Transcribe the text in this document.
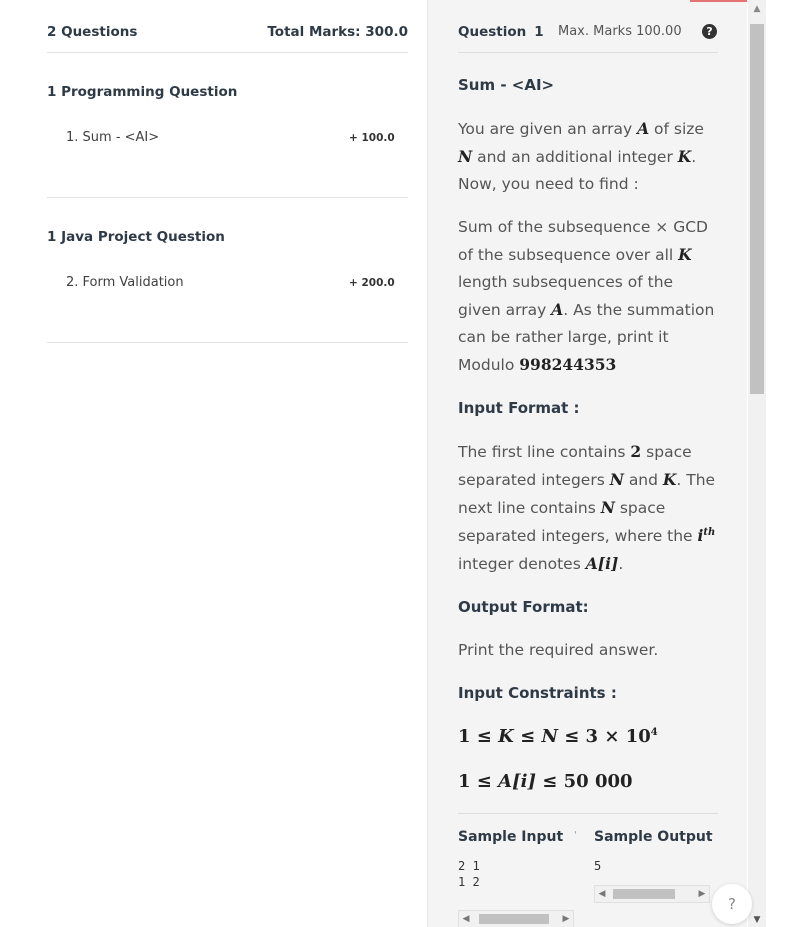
2 Questions	Total Marks: 300.0
1 Programming Question
1. Sum - <AI>	+ 100.0
1 Java Project Question
2. Form Validation	+ 200.0
Question 1 Max. Marks 100.00	?
Sum - <AI>

You are given an array A of size N and an additional integer K. Now, you need to find :

Sum of the subsequence × GCD of the subsequence over all K length subsequences of the given array A. As the summation can be rather large, print it Modulo 998244353

Input Format :

The first line contains 2 space separated integers N and K. The next line contains N space separated integers, where the $i^{th}$ integer denotes A[i].

Output Format:

Print the required answer.

Input Constraints :
$1 \le K \le N \le 3 \times 10^4$
1 ≤ A[i] ≤ 50 000
Sample Input ' Sample Output
2 1
1 2
5
◀	▶
◀	▶
▲
▼
?
